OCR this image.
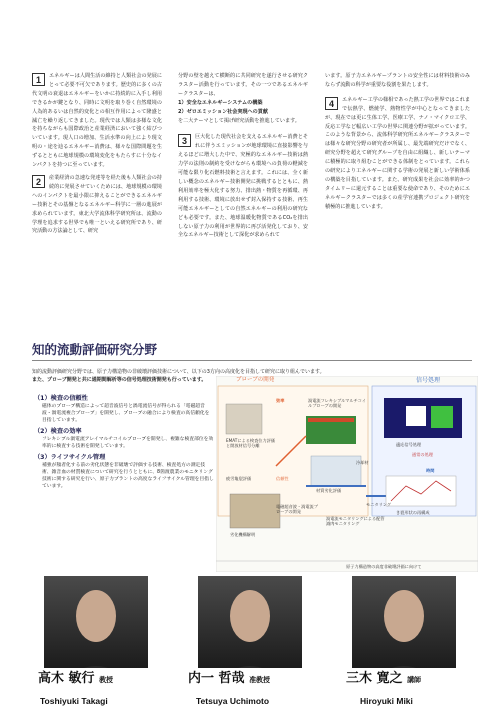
1	エネルギーは人間生活の維持と人類社会の発展にとって必要不可欠であります。歴史的に多くの古代文明の衰退はエネルギーをいかに持続的に入手し利用できるかが鍵となり、同時に文明を取り巻く自然環境の人為的あるいは自然的変化との相互作用によって隆盛と滅亡を繰り返してきました。現代では人類は多様な文化を持ちながらも国際政治と産業経済において強く結びついています。現人口の増加、生活水準の向上により現文明の・途を辿るエネルギー消費は、様々な国際問題を生ずるとともに地球規模の環境変化をもたらすに十分なインパクトを持つに至っています。
2	産業経済の急速な発達等を経た後も人類社会の持続的に発展させていくためには、地球規模の環境へのインパクトを最小限に抑えることができるエネルギー技術とその基盤となるエネルギー科学に一層の進展が求められています。東北大学流体科学研究所は、流動の学理を追求する世界でも唯一といえる研究所であり、研究活動の方法論として、研究
分野の壁を越えて横断的に共同研究を遂行させる研究クラスター活動を行っています。その一つであるエネルギークラスターは、
1）安全なエネルギーシステムの構築
2）ゼロエミッション社会実現への貢献
を二大テーマとして掲げ研究活動を推進しています。
3	巨大化した現代社会を支えるエネルギー消費とそれに伴うエミッションが地球環境に直接影響を与えるほどに増大した中で、究極的なエネルギー技術は熱力学の法則の制約を受けながらも環境への負荷の軽減を可能な限り化石燃料技術と言えます。これには、全く新しい概念のエネルギー技術開発に挑戦するとともに、熱利用効率を極大化する努力、排出熱・物質を再循環、再利用する技術、環境に放出せず封入保持する技術、再生可能エネルギーとしての自然エネルギーの利用の研究なども必要です。また、地球温暖化物質であるCO₂を排出しない原子力の利用が世界的に再び活発化しており、安全なエネルギー技術として深化が求められて
います。原子力エネルギープラントの安全性には材料技術のみならず流動の科学が重要な役割を果たします。
4	エネルギー工学の様相であった熱工学の世界ではこれまで伝熱学、燃焼学、熱物性学が中心となってきましたが、現在では更に生体工学、医療工学、ナノ・マイクロ工学、反応工学など幅広い工学の世界に関連分野が拡がっています。このような背景から、流体科学研究所エネルギークラスターでは様々な研究分野の研究者が所属し、最先端研究だけでなく、研究分野を超えて研究グループを自由に組織し、新しいテーマに積極的に取り組むことができる体制をとっています。これらの研究により工ネルギーに関する学術の発展と新しい学術体系の構築を目指しています。また、研究成果を社会に効率的かつタイムリーに還元することは重要な使命であり、そのためにエネルギークラスターでは多くの産学官連携プロジェクト研究を積極的に推進しています。
知的流動評価研究分野
知的流動評価研究分野では、原子力構造物の非破壊評価技術について、以下の3方向の高度化を目指して研究に取り組んでいます。
また、プローブ開発と共に通期間解析等の信号処理技術開発も行っています。
（1）検査の信頼性
磁体のプローブ構造によって超音波信号と渦電流信号が得られる「電磁超音波・渦電流複合プローブ」を開発し、プローブの融合により検査の高信頼化を目指しています。
（2）検査の効率
フレキシブル渦電流アレイマルチコイルプローブを開発し、複雑な検査部位を効率的に検査する技術を開発しています。
（3）ライフサイクル管理
補強が頻者化する前の劣化状態を非破壊で評価する技術、検査処方の測定技術、雑音血の材質検査について研究を行うとともに、8箇渡農業のモニタリング技術に関する研究を行い、原子力プラントの高度なライフサイクル管理を目指しています。
プローブの開発	信号処理
効率
EMATによる検査位力評価と開放材信号分離
渦電流フレキシブルマルチコイルプローブの開発
適応信号処理
通常の処理
冷却材
疲労亀裂評価	信頼性
材質劣化評価
時間
モニタリング
電磁超音波・渦電流プローブの開発
渦電流モニタリングによる配管減肉モニタリング
き裂形状の再構成
劣化機構解明
原子力構造物の高度非破壊評価に向けて
高木 敏行 教授	内一 哲哉 准教授	三木 寛之 講師
Toshiyuki Takagi	Tetsuya Uchimoto	Hiroyuki Miki
